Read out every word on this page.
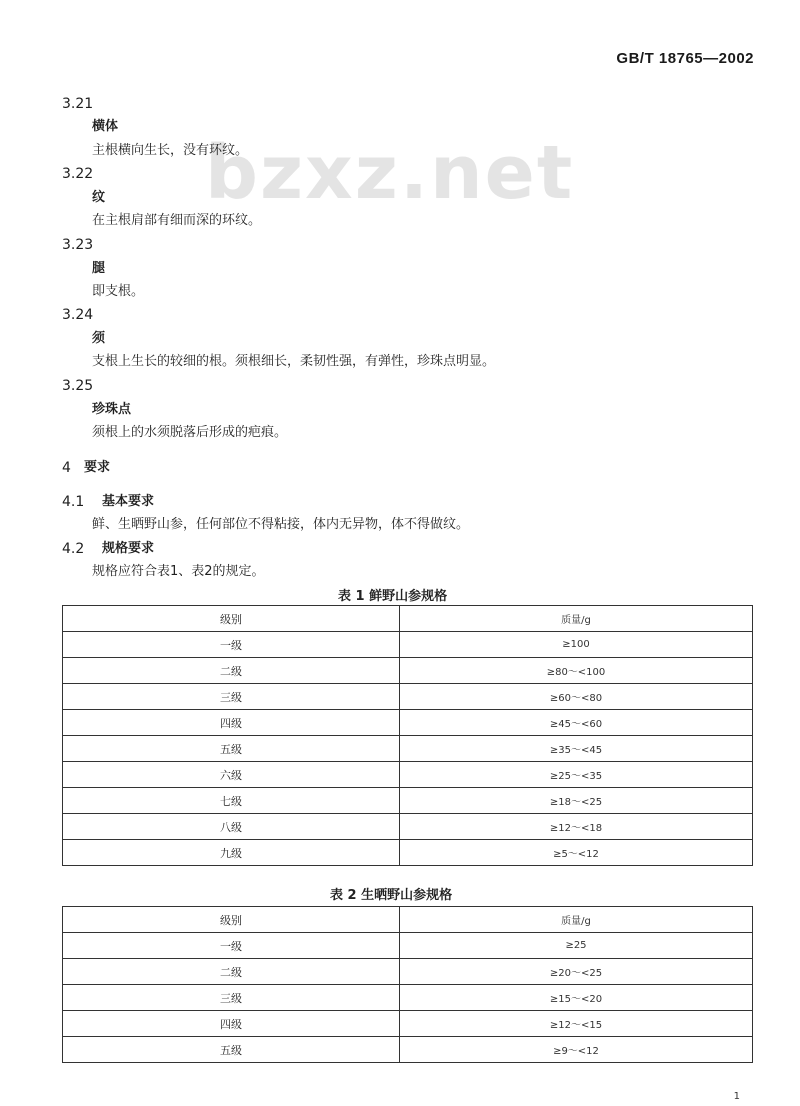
GB/T 18765—2002
bzxz.net
3.21
横体
主根横向生长，没有环纹。
3.22
纹
在主根肩部有细而深的环纹。
3.23
腿
即支根。
3.24
须
支根上生长的较细的根。须根细长，柔韧性强，有弹性，珍珠点明显。
3.25
珍珠点
须根上的水须脱落后形成的疤痕。
4 要求
4.1 基本要求
鲜、生晒野山参，任何部位不得粘接，体内无异物，体不得做纹。
4.2 规格要求
规格应符合表1、表2的规定。
表 1 鲜野山参规格
级别	质量/g
一级	≥100
二级	≥80～<100
三级	≥60～<80
四级	≥45～<60
五级	≥35～<45
六级	≥25～<35
七级	≥18～<25
八级	≥12～<18
九级	≥5～<12
表 2 生晒野山参规格
级别	质量/g
一级	≥25
二级	≥20～<25
三级	≥15～<20
四级	≥12～<15
五级	≥9～<12
1
